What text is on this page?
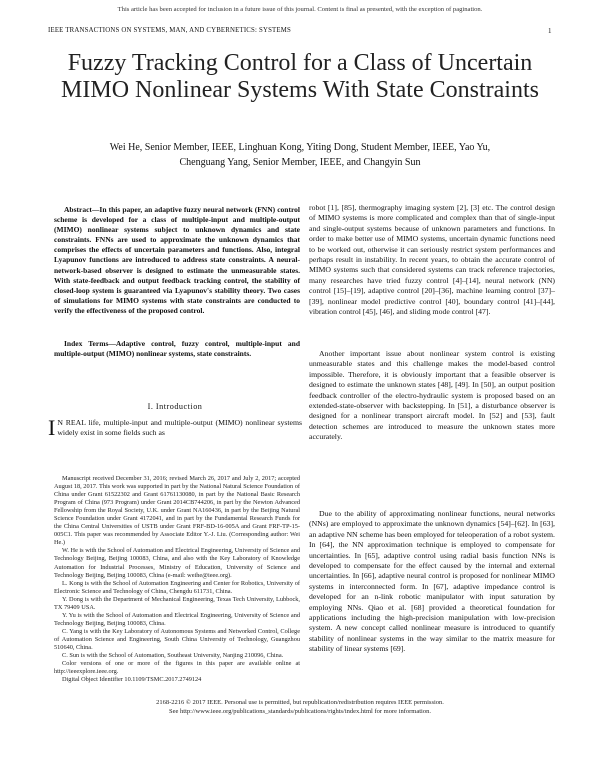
This article has been accepted for inclusion in a future issue of this journal. Content is final as presented, with the exception of pagination.
IEEE TRANSACTIONS ON SYSTEMS, MAN, AND CYBERNETICS: SYSTEMS	1
Fuzzy Tracking Control for a Class of Uncertain MIMO Nonlinear Systems With State Constraints
Wei He, Senior Member, IEEE, Linghuan Kong, Yiting Dong, Student Member, IEEE, Yao Yu,
Chenguang Yang, Senior Member, IEEE, and Changyin Sun
Abstract—In this paper, an adaptive fuzzy neural network (FNN) control scheme is developed for a class of multiple-input and multiple-output (MIMO) nonlinear systems subject to unknown dynamics and state constraints. FNNs are used to approximate the unknown dynamics that comprises the effects of uncertain parameters and functions. Also, integral Lyapunov functions are introduced to address state constraints. A neural-network-based observer is designed to estimate the unmeasurable states. With state-feedback and output feedback tracking control, the stability of closed-loop system is guaranteed via Lyapunov's stability theory. Two cases of simulations for MIMO systems with state constraints are conducted to verify the effectiveness of the proposed control.
Index Terms—Adaptive control, fuzzy control, multiple-input and multiple-output (MIMO) nonlinear systems, state constraints.
I. Introduction
I N REAL life, multiple-input and multiple-output (MIMO) nonlinear systems widely exist in some fields such as

Manuscript received December 31, 2016; revised March 26, 2017 and July 2, 2017; accepted August 18, 2017. This work was supported in part by the National Natural Science Foundation of China under Grant 61522302 and Grant 61761130080, in part by the National Basic Research Program of China (973 Program) under Grant 2014CB744206, in part by the Newton Advanced Fellowship from the Royal Society, U.K. under Grant NA160436, in part by the Beijing Natural Science Foundation under Grant 4172041, and in part by the Fundamental Research Funds for the China Central Universities of USTB under Grant FRF-BD-16-005A and Grant FRF-TP-15-005C1. This paper was recommended by Associate Editor Y.-J. Liu. (Corresponding author: Wei He.)

W. He is with the School of Automation and Electrical Engineering, University of Science and Technology Beijing, Beijing 100083, China, and also with the Key Laboratory of Knowledge Automation for Industrial Processes, Ministry of Education, University of Science and Technology Beijing, Beijing 100083, China (e-mail: weihe@ieee.org).

L. Kong is with the School of Automation Engineering and Center for Robotics, University of Electronic Science and Technology of China, Chengdu 611731, China.

Y. Dong is with the Department of Mechanical Engineering, Texas Tech University, Lubbock, TX 79409 USA.

Y. Yu is with the School of Automation and Electrical Engineering, University of Science and Technology Beijing, Beijing 100083, China.

C. Yang is with the Key Laboratory of Autonomous Systems and Networked Control, College of Automation Science and Engineering, South China University of Technology, Guangzhou 510640, China.

C. Sun is with the School of Automation, Southeast University, Nanjing 210096, China.

Color versions of one or more of the figures in this paper are available online at http://ieeexplore.ieee.org.

Digital Object Identifier 10.1109/TSMC.2017.2749124

robot [1], [85], thermography imaging system [2], [3] etc. The control design of MIMO systems is more complicated and complex than that of single-input and single-output systems because of unknown parameters and functions. In order to make better use of MIMO systems, uncertain dynamic functions need to be worked out, otherwise it can seriously restrict system performances and perhaps result in instability. In recent years, to obtain the accurate control of MIMO systems such that considered systems can track reference trajectories, many researches have tried fuzzy control [4]–[14], neural network (NN) control [15]–[19], adaptive control [20]–[36], machine learning control [37]–[39], nonlinear model predictive control [40], boundary control [41]–[44], vibration control [45], [46], and sliding mode control [47].
Another important issue about nonlinear system control is existing unmeasurable states and this challenge makes the model-based control impossible. Therefore, it is obviously important that a feasible observer is designed to estimate the unknown states [48], [49]. In [50], an output position feedback controller of the electro-hydraulic system is proposed based on an extended-state-observer with backstepping. In [51], a disturbance observer is designed for a nonlinear transport aircraft model. In [52] and [53], fault detection schemes are introduced to measure the unknown states more accurately.
Due to the ability of approximating nonlinear functions, neural networks (NNs) are employed to approximate the unknown dynamics [54]–[62]. In [63], an adaptive NN scheme has been employed for teleoperation of a robot system. In [64], the NN approximation technique is employed to compensate for uncertainties. In [65], adaptive control using radial basis function NNs is developed to compensate for the effect caused by the internal and external uncertainties. In [66], adaptive neural control is proposed for nonlinear MIMO systems in interconnected form. In [67], adaptive impedance control is developed for an n-link robotic manipulator with input saturation by employing NNs. Qiao et al. [68] provided a theoretical foundation for applications including the high-precision manipulation with low-precision system. A new concept called nonlinear measure is introduced to quantify stability of nonlinear systems in the way similar to the matrix measure for stability of linear systems [69].
2168-2216 © 2017 IEEE. Personal use is permitted, but republication/redistribution requires IEEE permission.
See http://www.ieee.org/publications_standards/publications/rights/index.html for more information.
